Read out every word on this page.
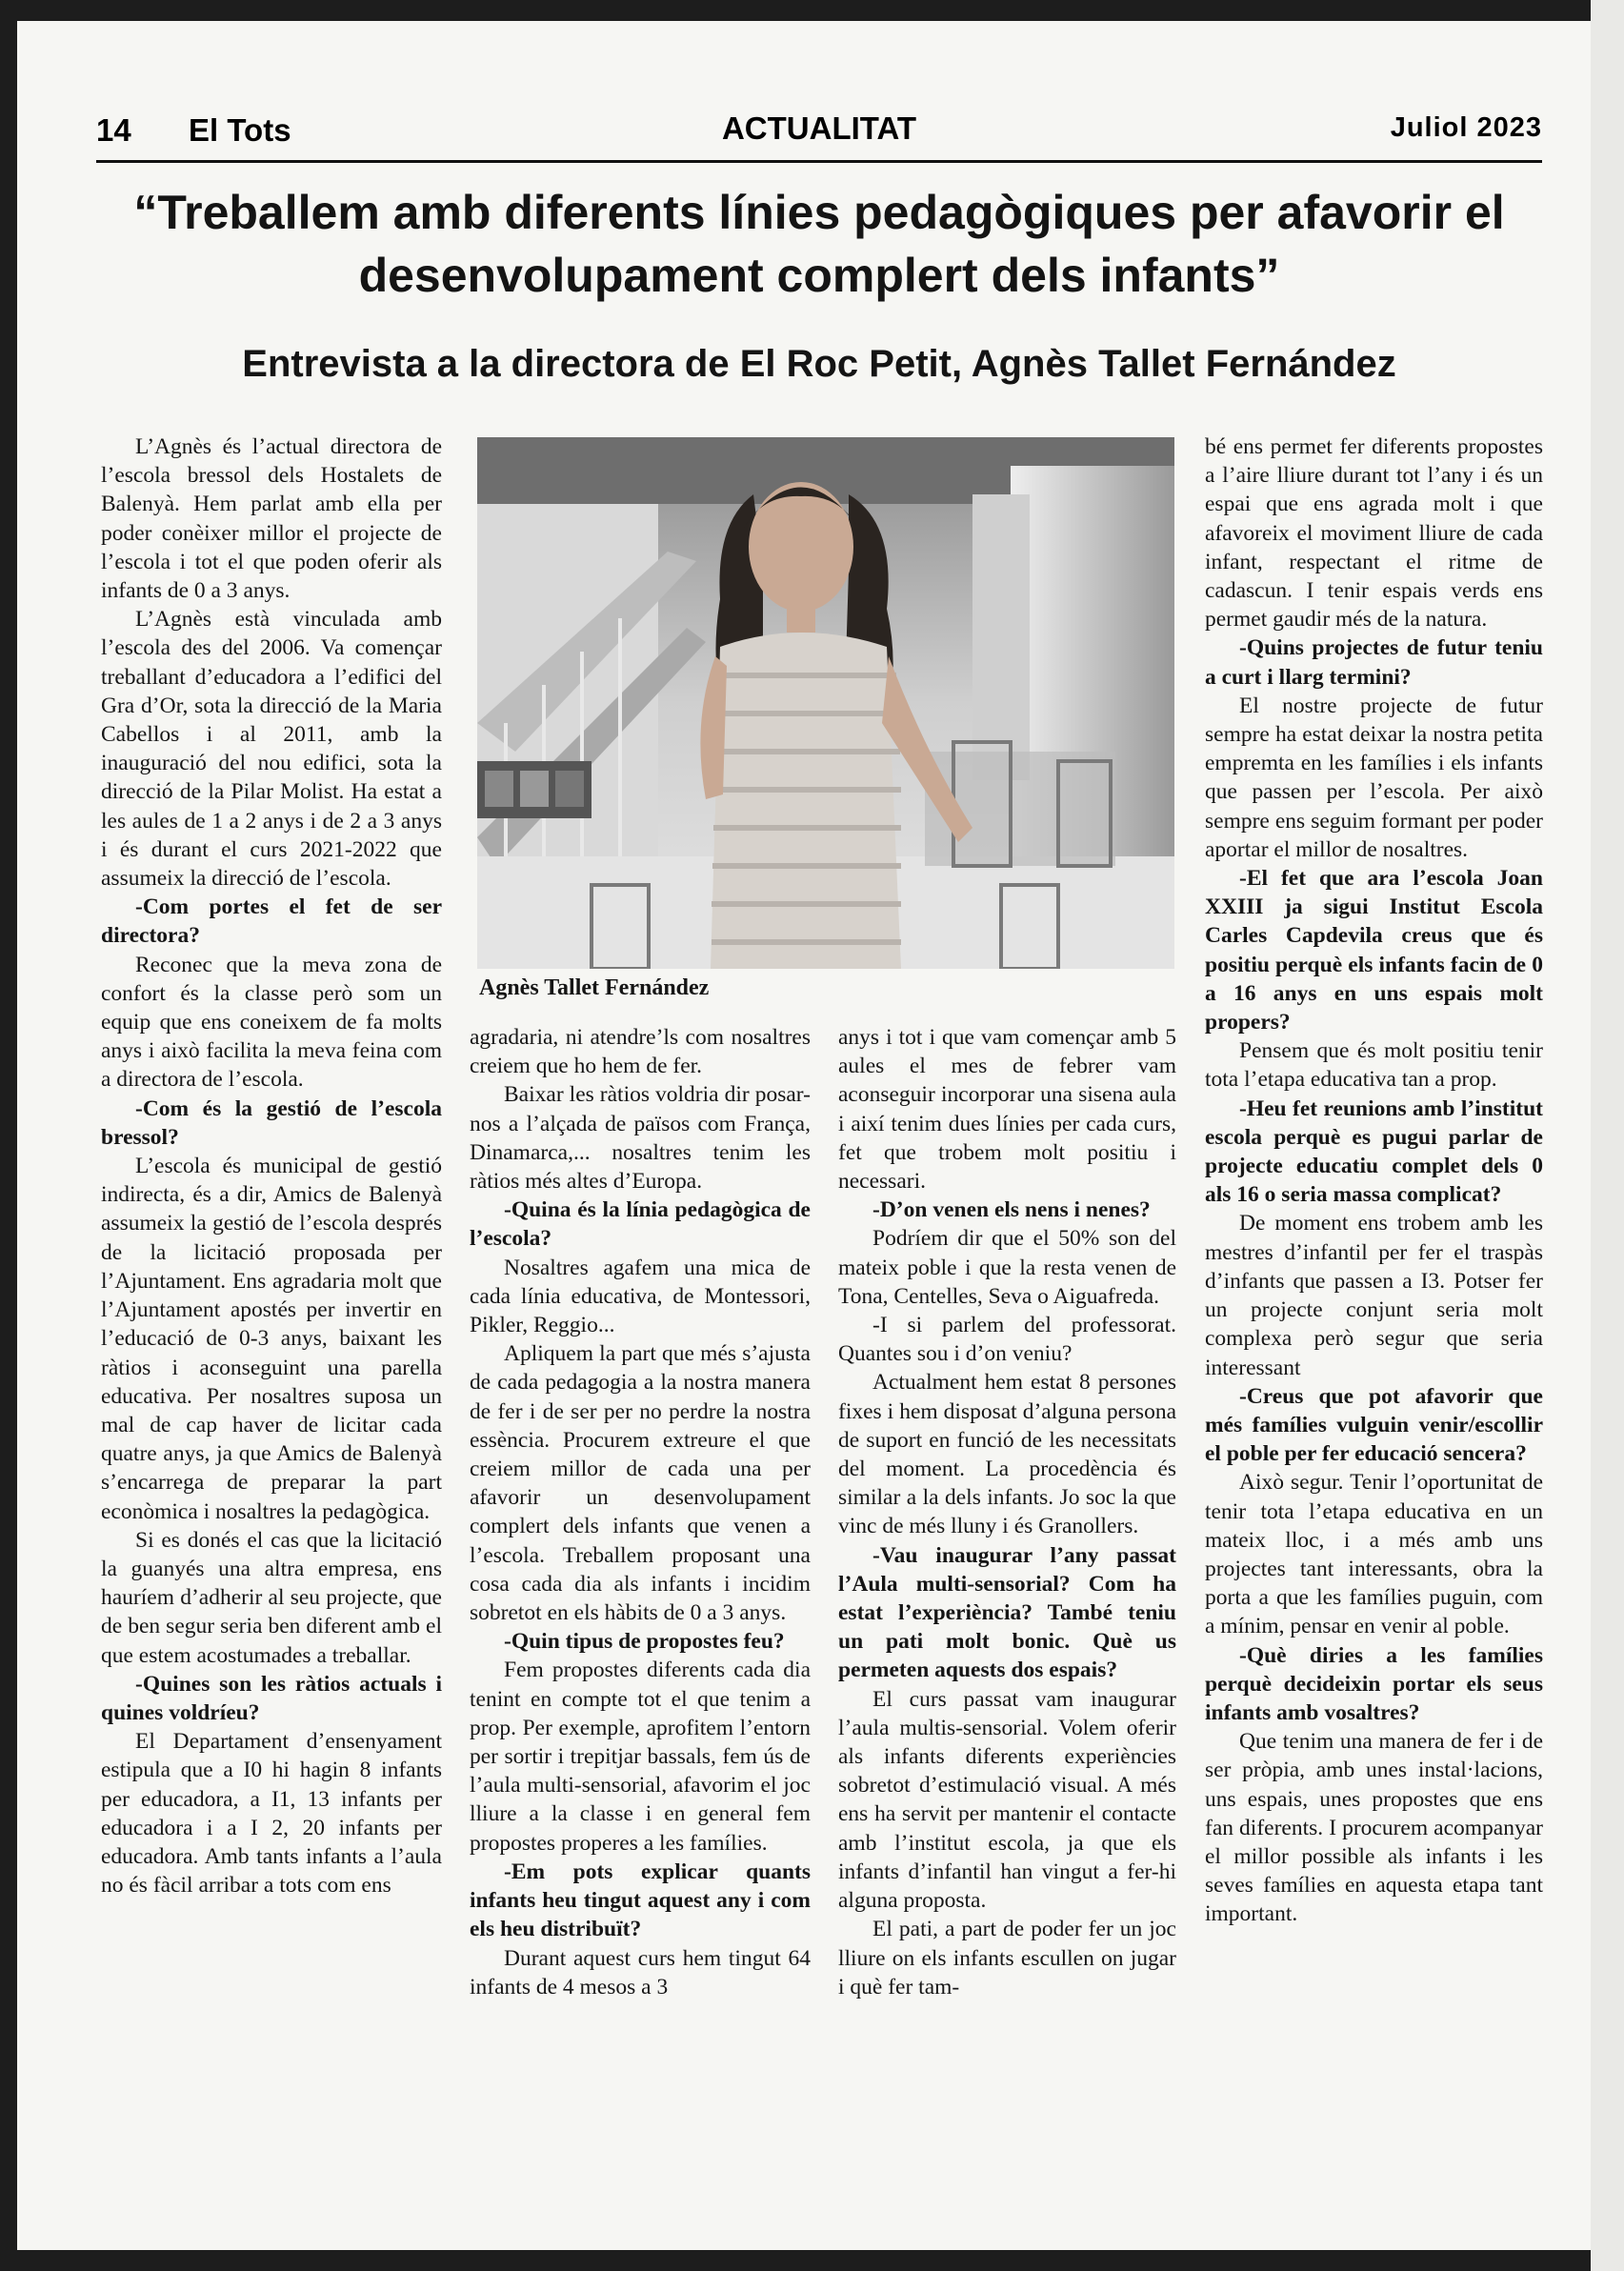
14 El Tots	ACTUALITAT	Juliol 2023
“Treballem amb diferents línies pedagògiques per afavorir el desenvolupament complert dels infants”
Entrevista a la directora de El Roc Petit, Agnès Tallet Fernández

L’Agnès és l’actual directora de l’escola bressol dels Hostalets de Balenyà. Hem parlat amb ella per poder conèixer millor el projecte de l’escola i tot el que poden oferir als infants de 0 a 3 anys.

L’Agnès està vinculada amb l’escola des del 2006. Va començar treballant d’educadora a l’edifici del Gra d’Or, sota la direcció de la Maria Cabellos i al 2011, amb la inauguració del nou edifici, sota la direcció de la Pilar Molist. Ha estat a les aules de 1 a 2 anys i de 2 a 3 anys i és durant el curs 2021-2022 que assumeix la direcció de l’escola.

-Com portes el fet de ser directora?

Reconec que la meva zona de confort és la classe però som un equip que ens coneixem de fa molts anys i això facilita la meva feina com a directora de l’escola.

-Com és la gestió de l’escola bressol?

L’escola és municipal de gestió indirecta, és a dir, Amics de Balenyà assumeix la gestió de l’escola després de la licitació proposada per l’Ajuntament. Ens agradaria molt que l’Ajuntament apostés per invertir en l’educació de 0-3 anys, baixant les ràtios i aconseguint una parella educativa. Per nosaltres suposa un mal de cap haver de licitar cada quatre anys, ja que Amics de Balenyà s’encarrega de preparar la part econòmica i nosaltres la pedagògica.

Si es donés el cas que la licitació la guanyés una altra empresa, ens hauríem d’adherir al seu projecte, que de ben segur seria ben diferent amb el que estem acostumades a treballar.

-Quines son les ràtios actuals i quines voldríeu?

El Departament d’ensenyament estipula que a I0 hi hagin 8 infants per educadora, a I1, 13 infants per educadora i a I 2, 20 infants per educadora. Amb tants infants a l’aula no és fàcil arribar a tots com ens

Agnès Tallet Fernández

agradaria, ni atendre’ls com nosaltres creiem que ho hem de fer.

Baixar les ràtios voldria dir posar-nos a l’alçada de països com França, Dinamarca,... nosaltres tenim les ràtios més altes d’Europa.

-Quina és la línia pedagògica de l’escola?

Nosaltres agafem una mica de cada línia educativa, de Montessori, Pikler, Reggio...

Apliquem la part que més s’ajusta de cada pedagogia a la nostra manera de fer i de ser per no perdre la nostra essència. Procurem extreure el que creiem millor de cada una per afavorir un desenvolupament complert dels infants que venen a l’escola. Treballem proposant una cosa cada dia als infants i incidim sobretot en els hàbits de 0 a 3 anys.

-Quin tipus de propostes feu?

Fem propostes diferents cada dia tenint en compte tot el que tenim a prop. Per exemple, aprofitem l’entorn per sortir i trepitjar bassals, fem ús de l’aula multi-sensorial, afavorim el joc lliure a la classe i en general fem propostes properes a les famílies.

-Em pots explicar quants infants heu tingut aquest any i com els heu distribuït?

Durant aquest curs hem tingut 64 infants de 4 mesos a 3

anys i tot i que vam començar amb 5 aules el mes de febrer vam aconseguir incorporar una sisena aula i així tenim dues línies per cada curs, fet que trobem molt positiu i necessari.

-D’on venen els nens i nenes?

Podríem dir que el 50% son del mateix poble i que la resta venen de Tona, Centelles, Seva o Aiguafreda.

-I si parlem del professorat. Quantes sou i d’on veniu?

Actualment hem estat 8 persones fixes i hem disposat d’alguna persona de suport en funció de les necessitats del moment. La procedència és similar a la dels infants. Jo soc la que vinc de més lluny i és Granollers.

-Vau inaugurar l’any passat l’Aula multi-sensorial? Com ha estat l’experiència? També teniu un pati molt bonic. Què us permeten aquests dos espais?

El curs passat vam inaugurar l’aula multis-sensorial. Volem oferir als infants diferents experiències sobretot d’estimulació visual. A més ens ha servit per mantenir el contacte amb l’institut escola, ja que els infants d’infantil han vingut a fer-hi alguna proposta.

El pati, a part de poder fer un joc lliure on els infants escullen on jugar i què fer tam-

bé ens permet fer diferents propostes a l’aire lliure durant tot l’any i és un espai que ens agrada molt i que afavoreix el moviment lliure de cada infant, respectant el ritme de cadascun. I tenir espais verds ens permet gaudir més de la natura.

-Quins projectes de futur teniu a curt i llarg termini?

El nostre projecte de futur sempre ha estat deixar la nostra petita empremta en les famílies i els infants que passen per l’escola. Per això sempre ens seguim formant per poder aportar el millor de nosaltres.

-El fet que ara l’escola Joan XXIII ja sigui Institut Escola Carles Capdevila creus que és positiu perquè els infants facin de 0 a 16 anys en uns espais molt propers?

Pensem que és molt positiu tenir tota l’etapa educativa tan a prop.

-Heu fet reunions amb l’institut escola perquè es pugui parlar de projecte educatiu complet dels 0 als 16 o seria massa complicat?

De moment ens trobem amb les mestres d’infantil per fer el traspàs d’infants que passen a I3. Potser fer un projecte conjunt seria molt complexa però segur que seria interessant

-Creus que pot afavorir que més famílies vulguin venir/escollir el poble per fer educació sencera?

Això segur. Tenir l’oportunitat de tenir tota l’etapa educativa en un mateix lloc, i a més amb uns projectes tant interessants, obra la porta a que les famílies puguin, com a mínim, pensar en venir al poble.

-Què diries a les famílies perquè decideixin portar els seus infants amb vosaltres?

Que tenim una manera de fer i de ser pròpia, amb unes instal·lacions, uns espais, unes propostes que ens fan diferents. I procurem acompanyar el millor possible als infants i les seves famílies en aquesta etapa tant important.
